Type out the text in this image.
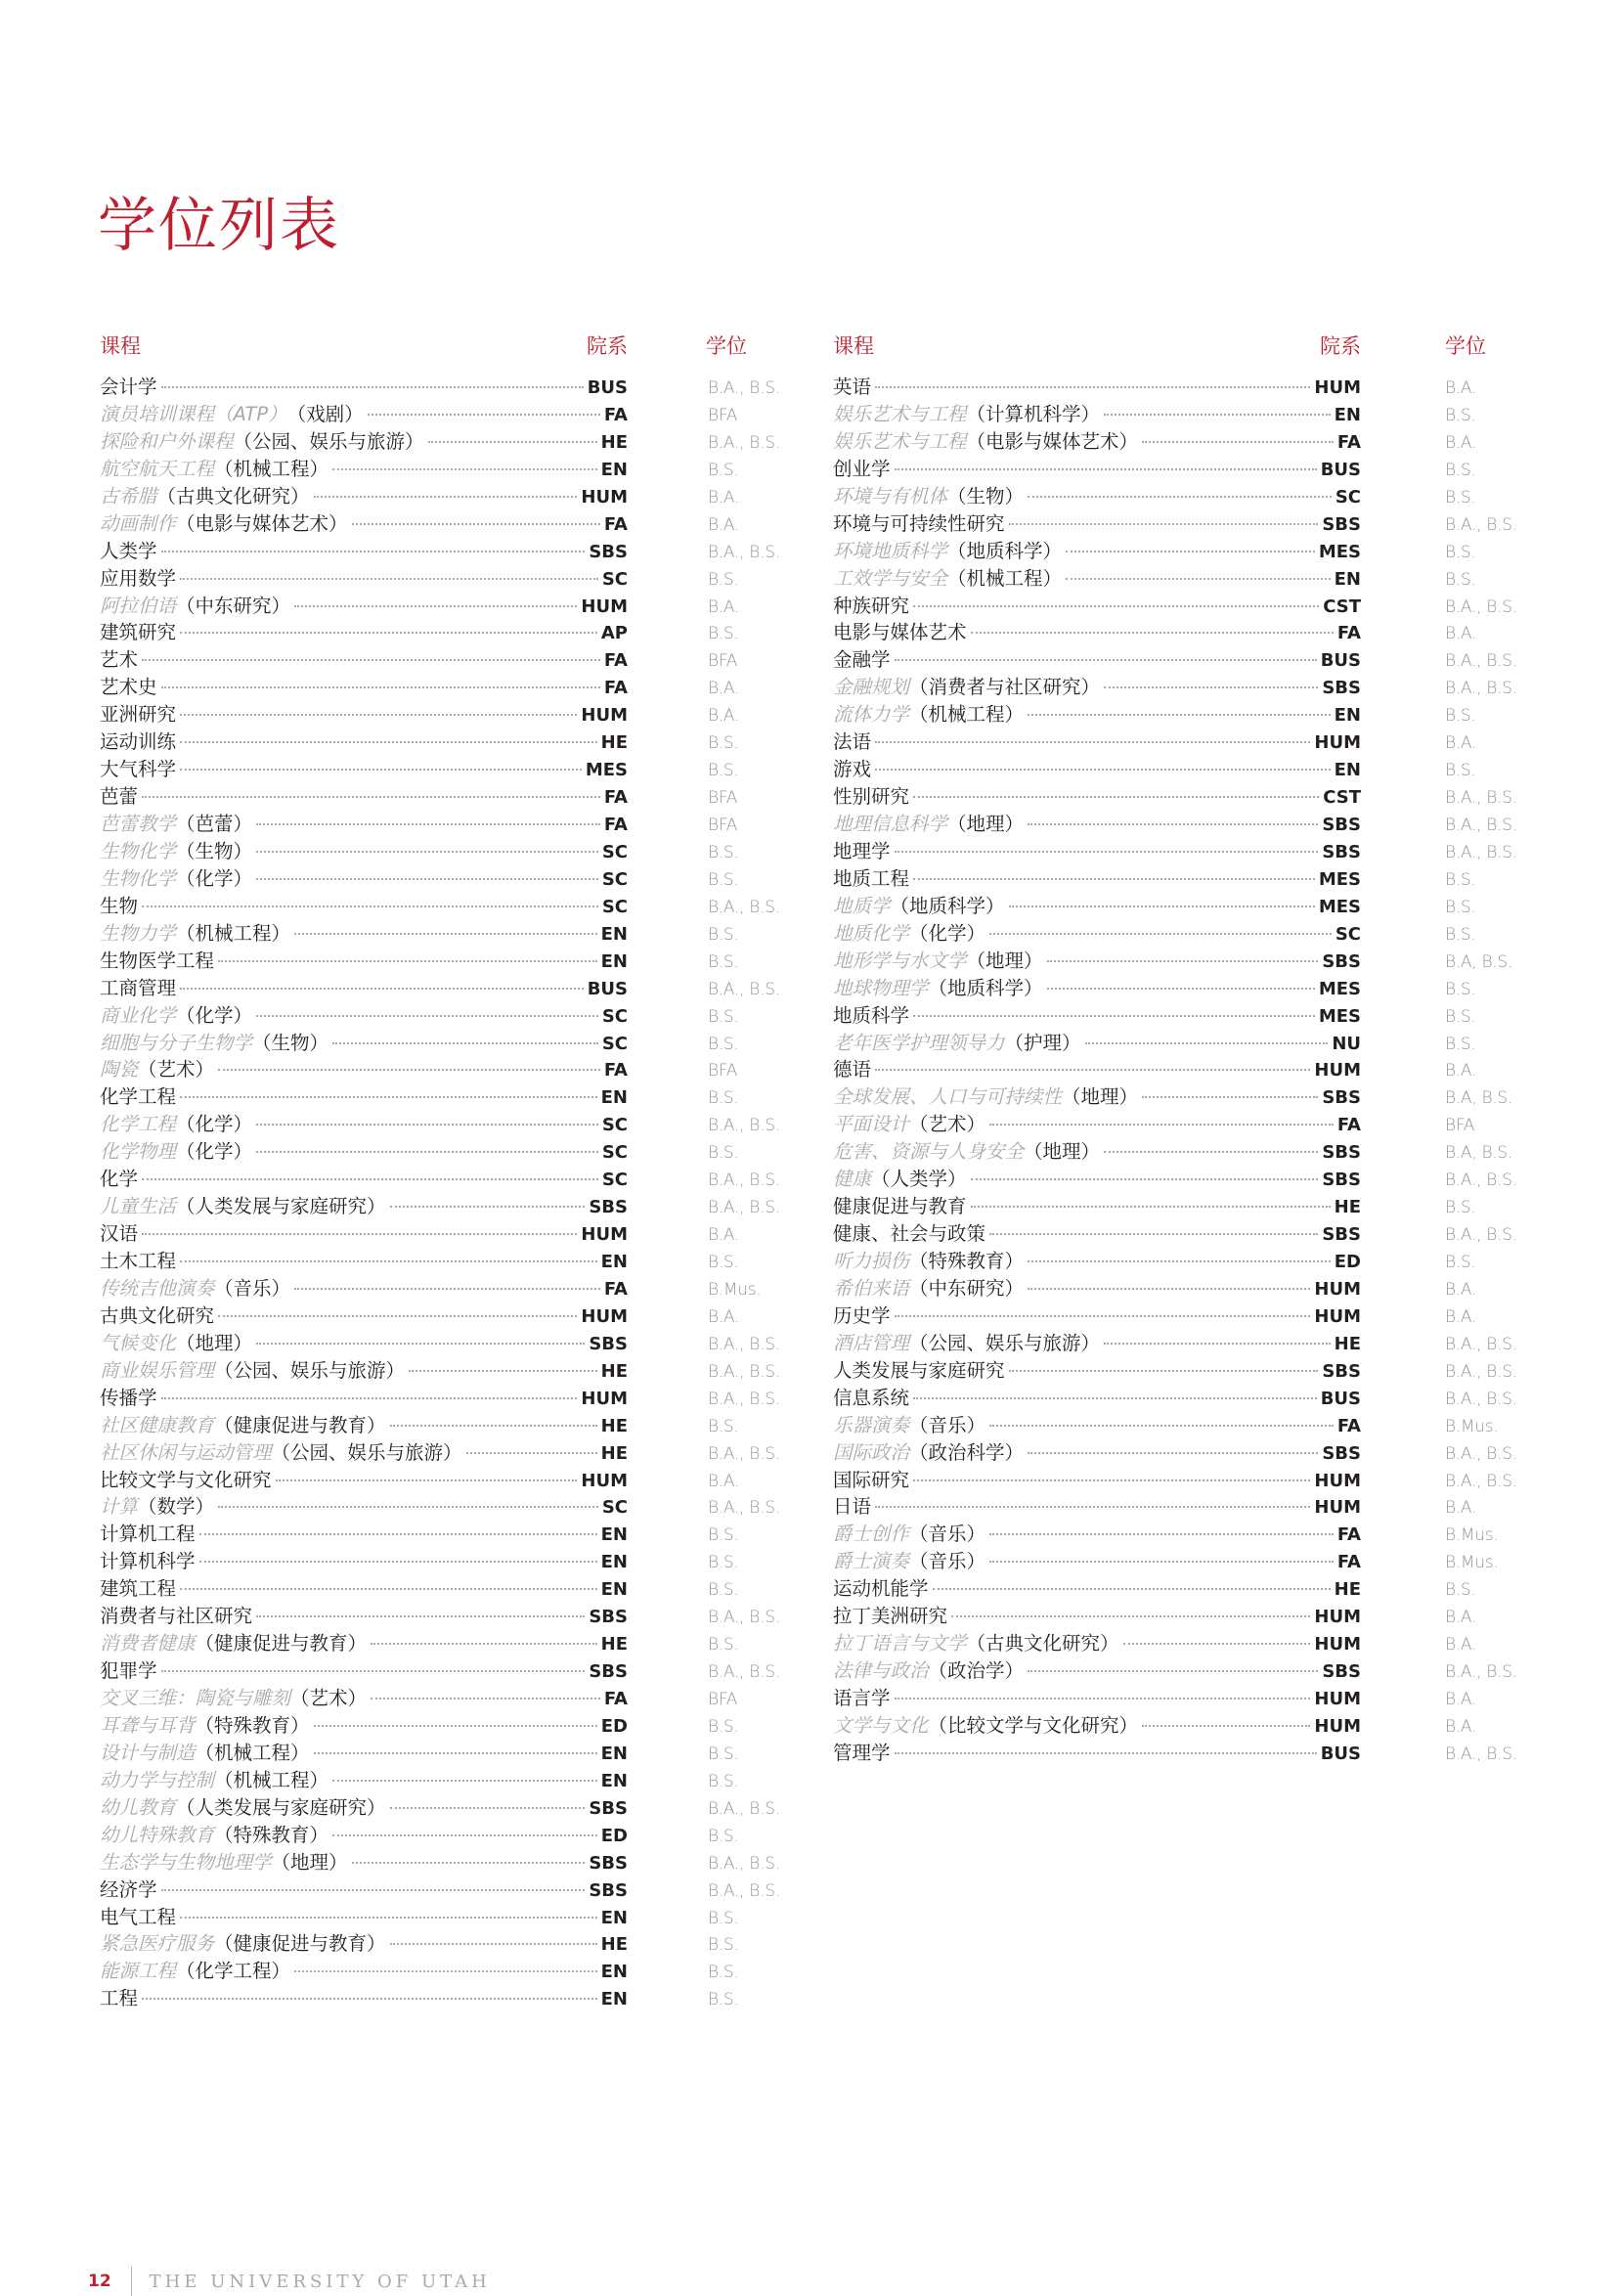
学位列表
课程	院系	学位
会计学	BUS	B.A., B.S.
演员培训课程（ATP） （戏剧）	FA	BFA
探险和户外课程 （公园、娱乐与旅游）	HE	B.A., B.S.
航空航天工程 （机械工程）	EN	B.S.
古希腊 （古典文化研究）	HUM	B.A.
动画制作 （电影与媒体艺术）	FA	B.A.
人类学	SBS	B.A., B.S.
应用数学	SC	B.S.
阿拉伯语 （中东研究）	HUM	B.A.
建筑研究	AP	B.S.
艺术	FA	BFA
艺术史	FA	B.A.
亚洲研究	HUM	B.A.
运动训练	HE	B.S.
大气科学	MES	B.S.
芭蕾	FA	BFA
芭蕾教学 （芭蕾）	FA	BFA
生物化学 （生物）	SC	B.S.
生物化学 （化学）	SC	B.S.
生物	SC	B.A., B.S.
生物力学 （机械工程）	EN	B.S.
生物医学工程	EN	B.S.
工商管理	BUS	B.A., B.S.
商业化学 （化学）	SC	B.S.
细胞与分子生物学 （生物）	SC	B.S.
陶瓷 （艺术）	FA	BFA
化学工程	EN	B.S.
化学工程 （化学）	SC	B.A., B.S.
化学物理 （化学）	SC	B.S.
化学	SC	B.A., B.S.
儿童生活 （人类发展与家庭研究）	SBS	B.A., B.S.
汉语	HUM	B.A.
土木工程	EN	B.S.
传统吉他演奏 （音乐）	FA	B.Mus.
古典文化研究	HUM	B.A.
气候变化 （地理）	SBS	B.A., B.S.
商业娱乐管理 （公园、娱乐与旅游）	HE	B.A., B.S.
传播学	HUM	B.A., B.S.
社区健康教育 （健康促进与教育）	HE	B.S.
社区休闲与运动管理 （公园、娱乐与旅游）	HE	B.A., B.S.
比较文学与文化研究	HUM	B.A.
计算 （数学）	SC	B.A., B.S.
计算机工程	EN	B.S.
计算机科学	EN	B.S.
建筑工程	EN	B.S.
消费者与社区研究	SBS	B.A., B.S.
消费者健康 （健康促进与教育）	HE	B.S.
犯罪学	SBS	B.A., B.S.
交叉三维：陶瓷与雕刻 （艺术）	FA	BFA
耳聋与耳背 （特殊教育）	ED	B.S.
设计与制造 （机械工程）	EN	B.S.
动力学与控制 （机械工程）	EN	B.S.
幼儿教育 （人类发展与家庭研究）	SBS	B.A., B.S.
幼儿特殊教育 （特殊教育）	ED	B.S.
生态学与生物地理学 （地理）	SBS	B.A., B.S.
经济学	SBS	B.A., B.S.
电气工程	EN	B.S.
紧急医疗服务 （健康促进与教育）	HE	B.S.
能源工程 （化学工程）	EN	B.S.
工程	EN	B.S.
课程	院系	学位
英语	HUM	B.A.
娱乐艺术与工程 （计算机科学）	EN	B.S.
娱乐艺术与工程 （电影与媒体艺术）	FA	B.A.
创业学	BUS	B.S.
环境与有机体 （生物）	SC	B.S.
环境与可持续性研究	SBS	B.A., B.S.
环境地质科学 （地质科学）	MES	B.S.
工效学与安全 （机械工程）	EN	B.S.
种族研究	CST	B.A., B.S.
电影与媒体艺术	FA	B.A.
金融学	BUS	B.A., B.S.
金融规划 （消费者与社区研究）	SBS	B.A., B.S.
流体力学 （机械工程）	EN	B.S.
法语	HUM	B.A.
游戏	EN	B.S.
性别研究	CST	B.A., B.S.
地理信息科学 （地理）	SBS	B.A., B.S.
地理学	SBS	B.A., B.S.
地质工程	MES	B.S.
地质学 （地质科学）	MES	B.S.
地质化学 （化学）	SC	B.S.
地形学与水文学 （地理）	SBS	B.A, B.S.
地球物理学 （地质科学）	MES	B.S.
地质科学	MES	B.S.
老年医学护理领导力 （护理）	NU	B.S.
德语	HUM	B.A.
全球发展、人口与可持续性 （地理）	SBS	B.A, B.S.
平面设计 （艺术）	FA	BFA
危害、资源与人身安全 （地理）	SBS	B.A, B.S.
健康 （人类学）	SBS	B.A., B.S.
健康促进与教育	HE	B.S.
健康、社会与政策	SBS	B.A., B.S.
听力损伤 （特殊教育）	ED	B.S.
希伯来语 （中东研究）	HUM	B.A.
历史学	HUM	B.A.
酒店管理 （公园、娱乐与旅游）	HE	B.A., B.S.
人类发展与家庭研究	SBS	B.A., B.S.
信息系统	BUS	B.A., B.S.
乐器演奏 （音乐）	FA	B.Mus.
国际政治 （政治科学）	SBS	B.A., B.S.
国际研究	HUM	B.A., B.S.
日语	HUM	B.A.
爵士创作 （音乐）	FA	B.Mus.
爵士演奏 （音乐）	FA	B.Mus.
运动机能学	HE	B.S.
拉丁美洲研究	HUM	B.A.
拉丁语言与文学 （古典文化研究）	HUM	B.A.
法律与政治 （政治学）	SBS	B.A., B.S.
语言学	HUM	B.A.
文学与文化 （比较文学与文化研究）	HUM	B.A.
管理学	BUS	B.A., B.S.
12 THE UNIVERSITY OF UTAH
